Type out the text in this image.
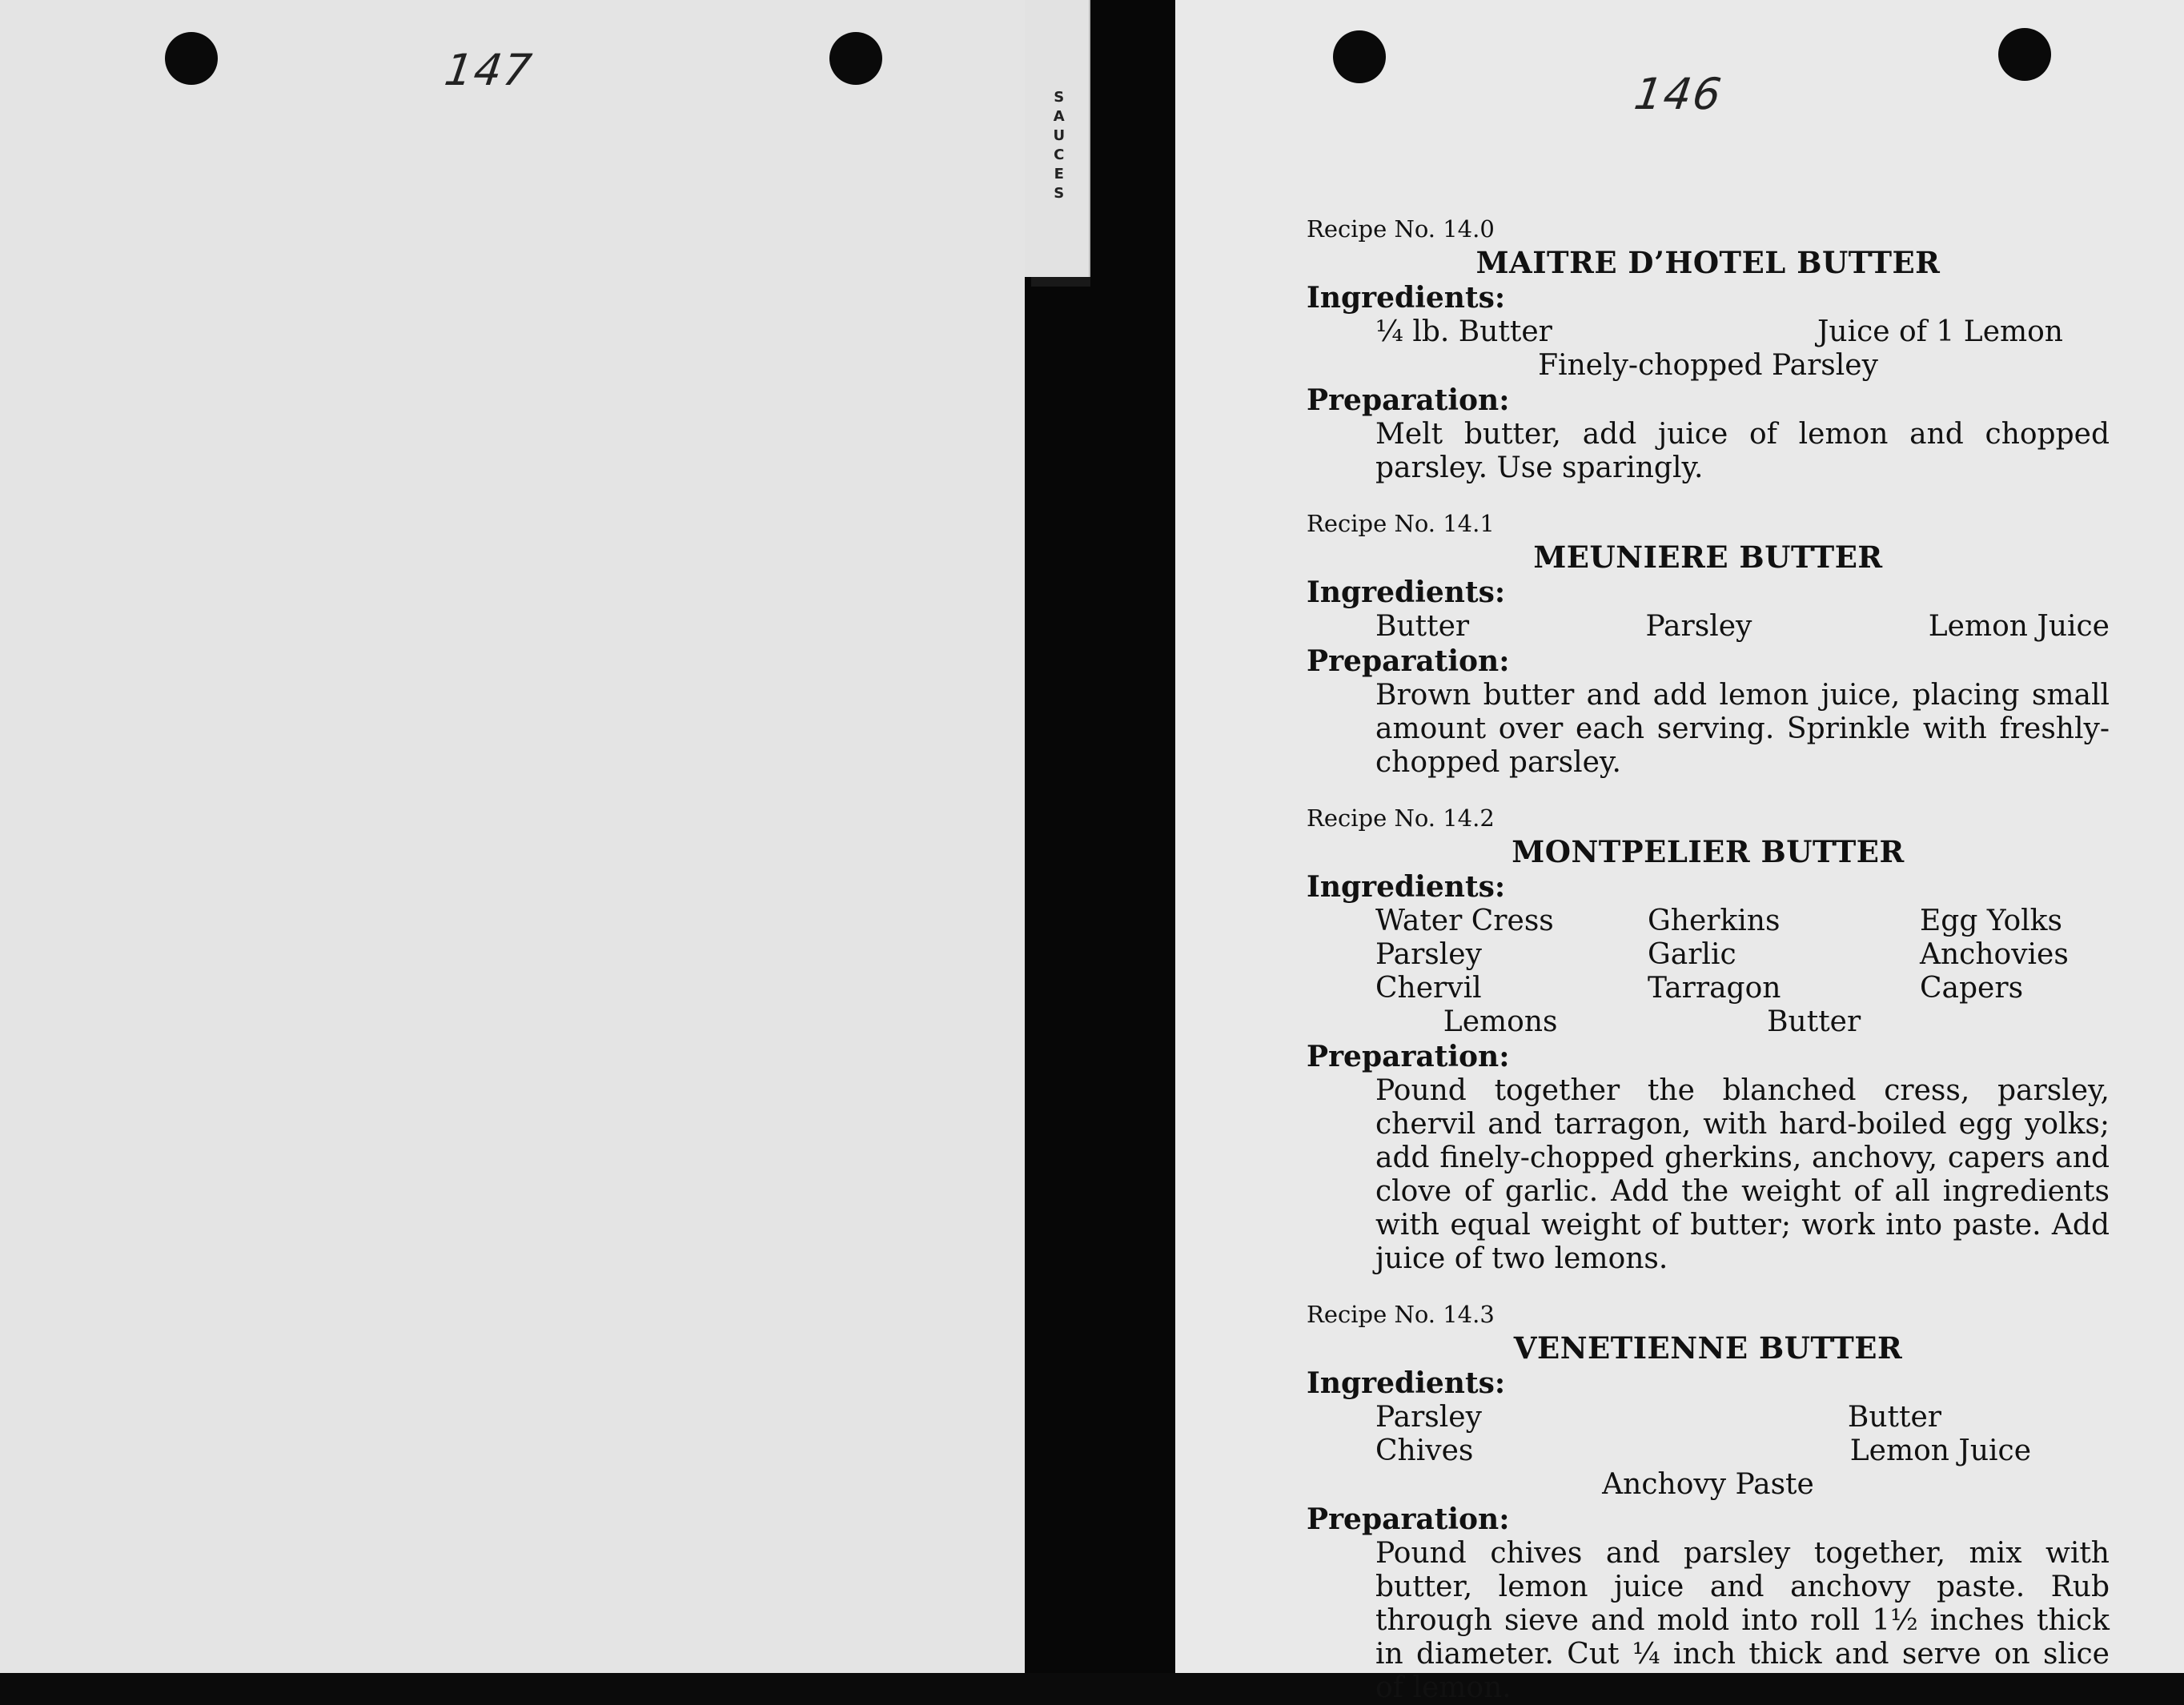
147
SAUCES
146
Recipe No. 14.0
MAITRE D’HOTEL BUTTER
Ingredients:
¼ lb. Butter	Juice of 1 Lemon
Finely-chopped Parsley
Preparation:
Melt butter, add juice of lemon and chopped parsley. Use sparingly.
Recipe No. 14.1
MEUNIERE BUTTER
Ingredients:
Butter	Parsley	Lemon Juice
Preparation:
Brown butter and add lemon juice, placing small amount over each serving. Sprinkle with freshly-chopped parsley.
Recipe No. 14.2
MONTPELIER BUTTER
Ingredients:
Water Cress	Gherkins	Egg Yolks
Parsley	Garlic	Anchovies
Chervil	Tarragon	Capers
Lemons	Butter
Preparation:
Pound together the blanched cress, parsley, chervil and tarragon, with hard-boiled egg yolks; add finely-chopped gherkins, anchovy, capers and clove of garlic. Add the weight of all ingredients with equal weight of butter; work into paste. Add juice of two lemons.
Recipe No. 14.3
VENETIENNE BUTTER
Ingredients:
Parsley	Butter
Chives	Lemon Juice
Anchovy Paste
Preparation:
Pound chives and parsley together, mix with butter, lemon juice and anchovy paste. Rub through sieve and mold into roll 1½ inches thick in diameter. Cut ¼ inch thick and serve on slice of lemon.
